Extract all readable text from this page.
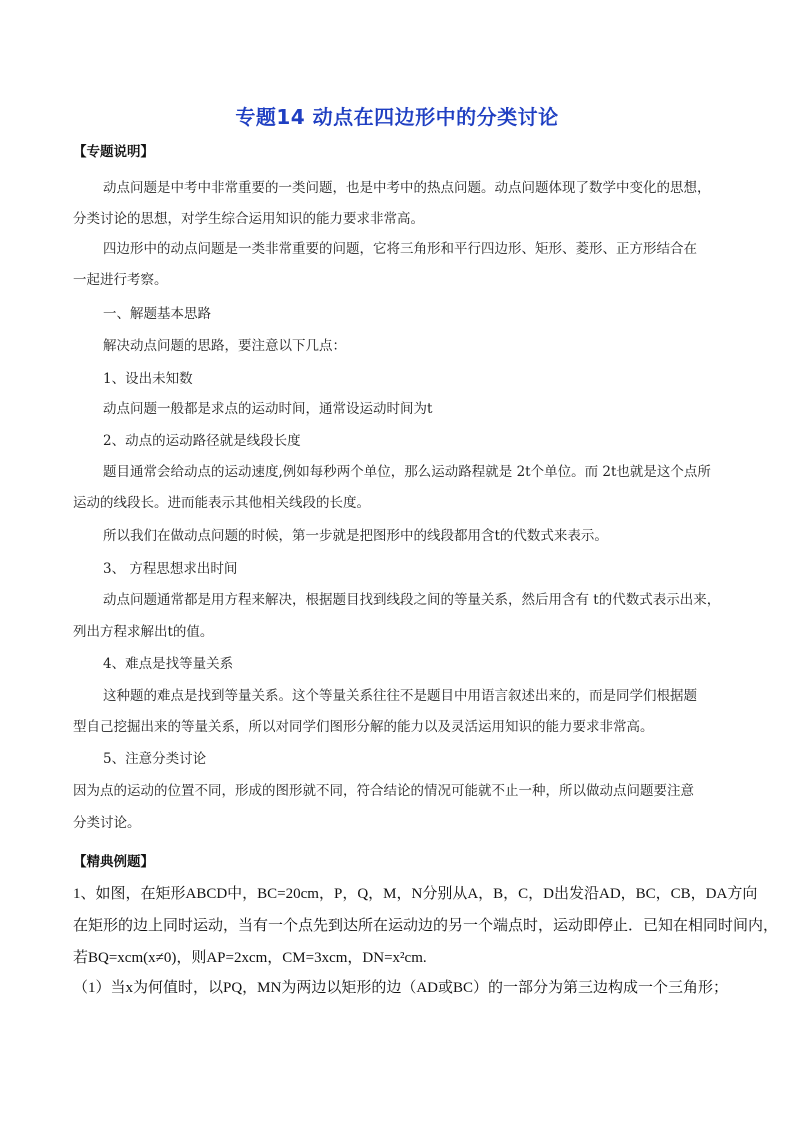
专题14 动点在四边形中的分类讨论
【专题说明】
动点问题是中考中非常重要的一类问题，也是中考中的热点问题。动点问题体现了数学中变化的思想，
分类讨论的思想，对学生综合运用知识的能力要求非常高。
四边形中的动点问题是一类非常重要的问题，它将三角形和平行四边形、矩形、菱形、正方形结合在
一起进行考察。
一、解题基本思路
解决动点问题的思路，要注意以下几点：
1、设出未知数
动点问题一般都是求点的运动时间，通常设运动时间为t
2、动点的运动路径就是线段长度
题目通常会给动点的运动速度,例如每秒两个单位，那么运动路程就是 2t个单位。而 2t也就是这个点所
运动的线段长。进而能表示其他相关线段的长度。
所以我们在做动点问题的时候，第一步就是把图形中的线段都用含t的代数式来表示。
3、 方程思想求出时间
动点问题通常都是用方程来解决，根据题目找到线段之间的等量关系，然后用含有 t的代数式表示出来，
列出方程求解出t的值。
4、难点是找等量关系
这种题的难点是找到等量关系。这个等量关系往往不是题目中用语言叙述出来的，而是同学们根据题
型自己挖掘出来的等量关系，所以对同学们图形分解的能力以及灵活运用知识的能力要求非常高。
5、注意分类讨论
因为点的运动的位置不同，形成的图形就不同，符合结论的情况可能就不止一种，所以做动点问题要注意
分类讨论。
【精典例题】
1、如图，在矩形ABCD中，BC=20cm，P，Q，M，N分别从A，B，C，D出发沿AD，BC，CB，DA方向
在矩形的边上同时运动，当有一个点先到达所在运动边的另一个端点时，运动即停止．已知在相同时间内，
若BQ=xcm(x≠0)，则AP=2xcm，CM=3xcm，DN=x²cm.
（1）当x为何值时，以PQ，MN为两边以矩形的边（AD或BC）的一部分为第三边构成一个三角形；
